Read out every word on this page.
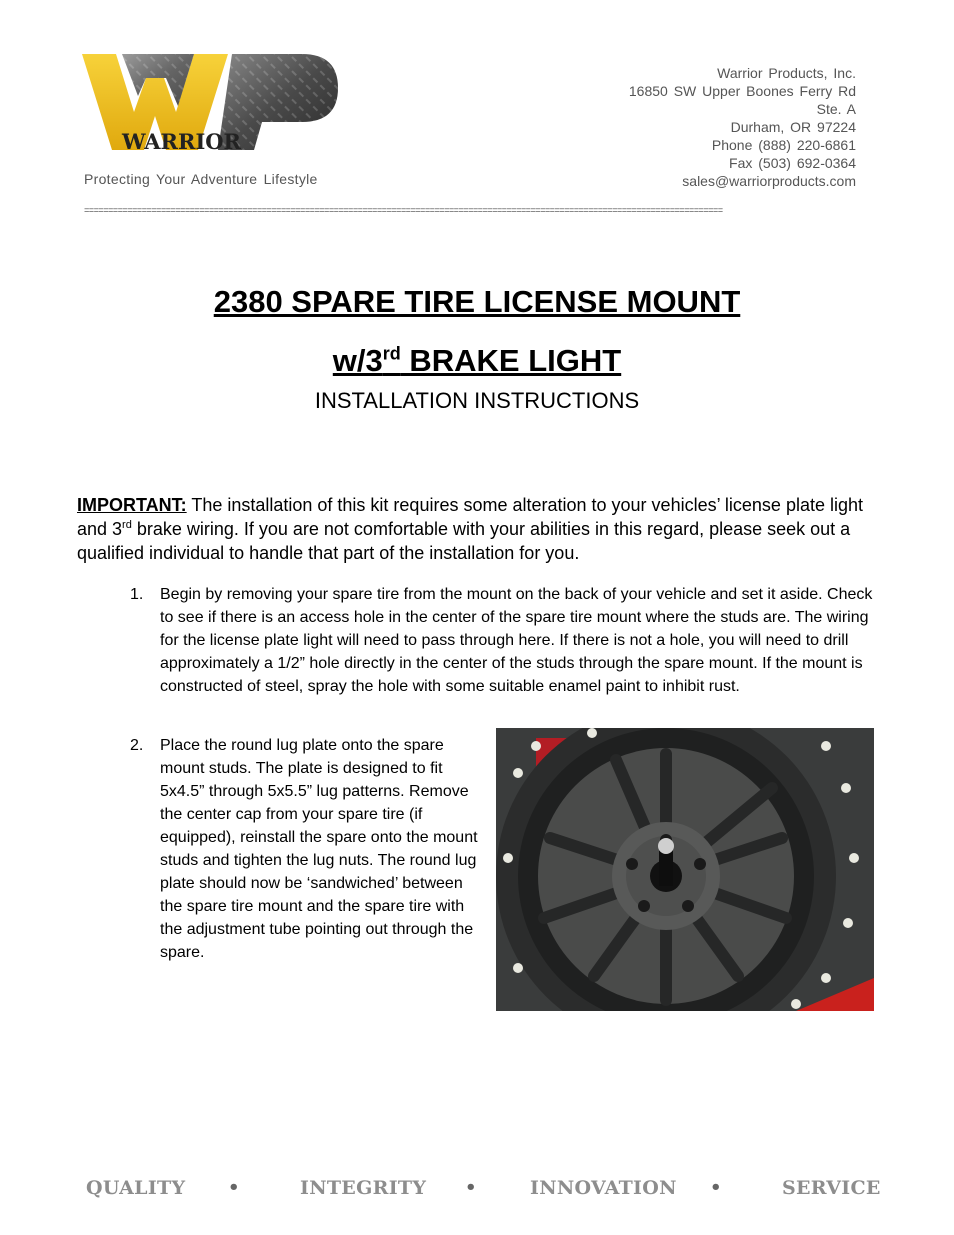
WARRIOR
Protecting Your Adventure Lifestyle
Warrior Products, Inc.
16850 SW Upper Boones Ferry Rd
Ste. A
Durham, OR 97224
Phone (888) 220-6861
Fax (503) 692-0364
sales@warriorproducts.com
=====================================================================================================================================
2380 SPARE TIRE LICENSE MOUNT
w/3rd BRAKE LIGHT
INSTALLATION INSTRUCTIONS
IMPORTANT: The installation of this kit requires some alteration to your vehicles’ license plate light and 3rd brake wiring. If you are not comfortable with your abilities in this regard, please seek out a qualified individual to handle that part of the installation for you.
1. Begin by removing your spare tire from the mount on the back of your vehicle and set it aside. Check to see if there is an access hole in the center of the spare tire mount where the studs are. The wiring for the license plate light will need to pass through here. If there is not a hole, you will need to drill approximately a 1/2” hole directly in the center of the studs through the spare mount. If the mount is constructed of steel, spray the hole with some suitable enamel paint to inhibit rust.
2. Place the round lug plate onto the spare mount studs. The plate is designed to fit 5x4.5” through 5x5.5” lug patterns. Remove the center cap from your spare tire (if equipped), reinstall the spare onto the mount studs and tighten the lug nuts. The round lug plate should now be ‘sandwiched’ between the spare tire mount and the spare tire with the adjustment tube pointing out through the spare.
QUALITY •	INTEGRITY •	INNOVATION •	SERVICE
